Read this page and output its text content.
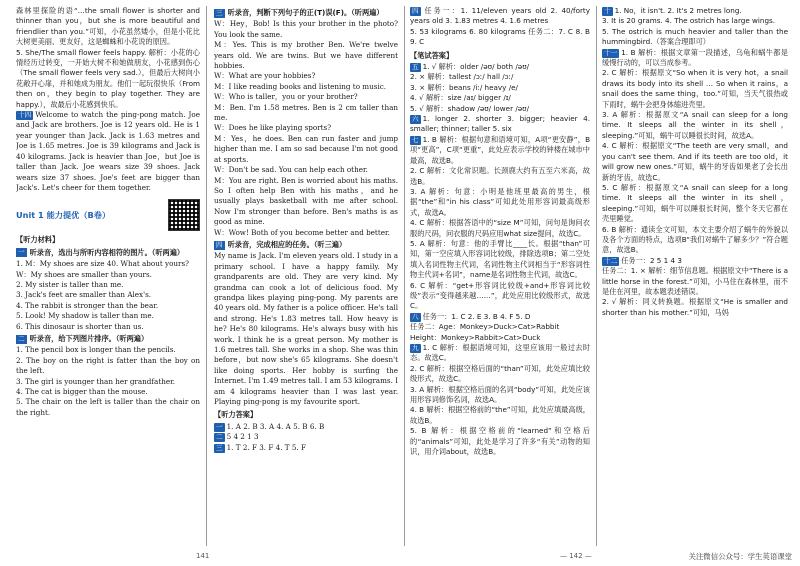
森林里探险的语“…the small flower is shorter and thinner than you，but she is more beautiful and friendlier than you.”可知，小花虽然矮小，但是小花比大树更美丽、更友好，这是蜘蛛和小花说的原因。

5. She/The small flower feels happy. 解析：小花的心情经历过转变，一开始大树不和她做朋友，小花感到伤心（The small flower feels very sad.），但最后大树向小花敞开心扉，并和她成为朋友。他们一起玩很快乐（From then on，they begin to play together. They are happy.），故最后小花感到快乐。

十四 Welcome to watch the ping-pong match. Joe and Jack are brothers. Joe is 12 years old. He is 1 year younger than Jack. Jack is 1.63 metres and Joe is 1.65 metres. Joe is 39 kilograms and Jack is 40 kilograms. Jack is heavier than Joe，but Joe is taller than Jack. Joe wears size 39 shoes. Jack wears size 37 shoes. Joe's feet are bigger than Jack's. Let's cheer for them together.

Unit 1 能力提优（B卷）
【听力材料】
一 听录音，选出与所听内容相符的图片。（听两遍）
1. M：My shoes are size 40. What about yours?
W：My shoes are smaller than yours.
2. My sister is taller than me.
3. Jack's feet are smaller than Alex's.
4. The rabbit is stronger than the bear.
5. Look! My shadow is taller than me.
6. This dinosaur is shorter than us.
二 听录音，给下列图片排序。（听两遍）
1. The pencil box is longer than the pencils.
2. The boy on the right is fatter than the boy on the left.
3. The girl is younger than her grandfather.
4. The cat is bigger than the mouse.
5. The chair on the left is taller than the chair on the right.
三 听录音，判断下列句子的正(T)误(F)。（听两遍）
W：Hey，Bob! Is this your brother in the photo? You look the same.
M：Yes. This is my brother Ben. We're twelve years old. We are twins. But we have different hobbies.
W：What are your hobbies?
M：I like reading books and listening to music.
W：Who is taller，you or your brother?
M：Ben. I'm 1.58 metres. Ben is 2 cm taller than me.
W：Does he like playing sports?
M：Yes，he does. Ben can run faster and jump higher than me. I am so sad because I'm not good at sports.
W：Don't be sad. You can help each other.
M：You are right. Ben is worried about his maths. So I often help Ben with his maths，and he usually plays basketball with me after school. Now I'm stronger than before. Ben's maths is as good as mine.
W：Wow! Both of you become better and better.
四 听录音，完成相应的任务。（听三遍）

My name is Jack. I'm eleven years old. I study in a primary school. I have a happy family. My grandparents are old. They are very kind. My grandma can cook a lot of delicious food. My grandpa likes playing ping-pong. My parents are 40 years old. My father is a police officer. He's tall and strong. He's 1.83 metres tall. How heavy is he? He's 80 kilograms. He's always busy with his work. I think he is a great person. My mother is 1.6 metres tall. She works in a shop. She was thin before，but now she's 65 kilograms. She doesn't like doing sports. Her hobby is surfing the Internet. I'm 1.49 metres tall. I am 53 kilograms. I am 4 kilograms heavier than I was last year. Playing ping-pong is my favourite sport.

【听力答案】
一 1. A 2. B 3. A 4. A 5. B 6. B
二 5 4 2 1 3
三 1. T 2. F 3. F 4. T 5. F
四 任务一：1. 11/eleven years old 2. 40/forty years old 3. 1.83 metres 4. 1.6 metres
5. 53 kilograms 6. 80 kilograms 任务二：7. C 8. B 9. C
【笔试答案】
五 1. √ 解析：older /əʊ/ both /əʊ/
2. × 解析：tallest /ɔː/ hall /ɔː/
3. × 解析：beans /iː/ heavy /e/
4. √ 解析：size /aɪ/ bigger /ɪ/
5. √ 解析：shadow /əʊ/ lower /əʊ/
六 1. longer 2. shorter 3. bigger; heavier 4. smaller; thinner; taller 5. six
七 1. B 解析：根据句意和语境可知，A项“更安静”，B项“更高”，C项“更重”，此处应表示学校的钟楼在城市中最高，故选B。
2. C 解析：文化常识题。长颈鹿大约有五至六米高，故选B。
3. A 解析：句意：小明是他班里最高的男生，根据“the”和“in his class”可知此处用形容词最高级形式，故选A。
4. C 解析：根据答语中的“size M”可知，问句是询问衣服的尺码，问衣服的尺码应用what size提问，故选C。
5. A 解析：句意：他的手臂比____长。根据“than”可知，第一空应填入形容词比较级，排除选项B；第二空处填入名词性物主代词，名词性物主代词相当于“形容词性物主代词+名词”，name是名词性物主代词，故选C。
6. C 解析：“get+形容词比较级+and+形容词比较级”表示“变得越来越……”，此处应用比较级形式，故选C。
八 任务一：1. C 2. E 3. B 4. F 5. D
任务二：Age：Monkey>Duck>Cat>Rabbit
Height：Monkey>Rabbit>Cat>Duck
九 1. C 解析：根据语境可知，这里应该用一般过去时态。故选C。
2. C 解析：根据空格后面的“than”可知，此处应填比较级形式，故选C。
3. A 解析：根据空格后面的名词“body”可知，此处应该用形容词修饰名词，故选A。
4. B 解析：根据空格前的“the”可知，此处应填最高级，故选B。
5. B 解析：根据空格前的“learned”和空格后的“animals”可知，此处是学习了许多“有关”动物的知识，用介词about，故选B。
十 1. No，it isn't. 2. It's 2 metres long.
3. It is 20 grams. 4. The ostrich has large wings.
5. The ostrich is much heavier and taller than the hummingbird.（答案合理即可）
十一 1. B 解析：根据文章第一段描述，乌龟和蜗牛都是缓慢行动的，可以当成参考。
2. C 解析：根据原文“So when it is very hot，a snail draws its body into its shell … So when it rains，a snail does the same thing，too.”可知，当天气很热或下雨时，蜗牛会把身体缩进壳里。
3. A 解析：根据原文“A snail can sleep for a long time. It sleeps all the winter in its shell，sleeping.”可知，蜗牛可以睡很长时间，故选A。
4. C 解析：根据原文“The teeth are very small，and you can't see them. And if its teeth are too old，it will grow new ones.”可知，蜗牛的牙齿如果老了会长出新的牙齿，故选C。
5. C 解析：根据原文“A snail can sleep for a long time. It sleeps all the winter in its shell，sleeping.”可知，蜗牛可以睡很长时间，整个冬天它都在壳里睡觉。
6. B 解析：通读全文可知，本文主要介绍了蜗牛的外貌以及各个方面的特点，选项B“我们对蜗牛了解多少？”符合题意，故选B。
十二 任务一：2 5 1 4 3
任务二：1. × 解析：细节信息题。根据原文中“There is a little horse in the forest.”可知，小马住在森林里，而不是住在河里，故本题表述错误。
2. √ 解析：同义转换题。根据原文“He is smaller and shorter than his mother.”可知，马妈
141	— 142 —	关注微信公众号：学生英语课堂
